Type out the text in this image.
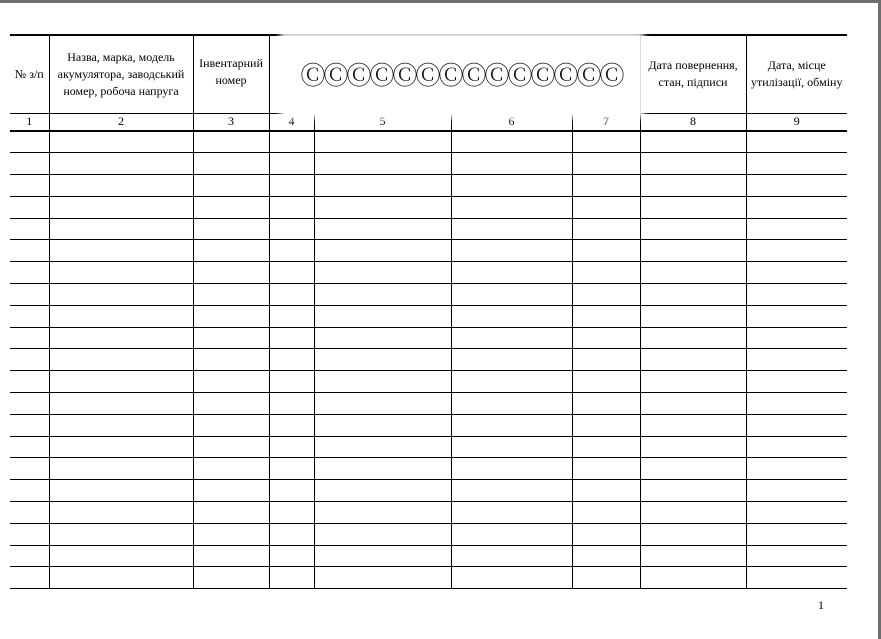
№ з/п	Назва, марка, модель акумулятора, заводський номер, робоча напруга	Інвентарний номер	ⒸⒸⒸⒸⒸⒸⒸⒸⒸⒸⒸⒸⒸⒸ				Дата повернення, стан, підписи	Дата, місце утилізації, обміну
1	2	3	4	5	6	7	8	9

1
